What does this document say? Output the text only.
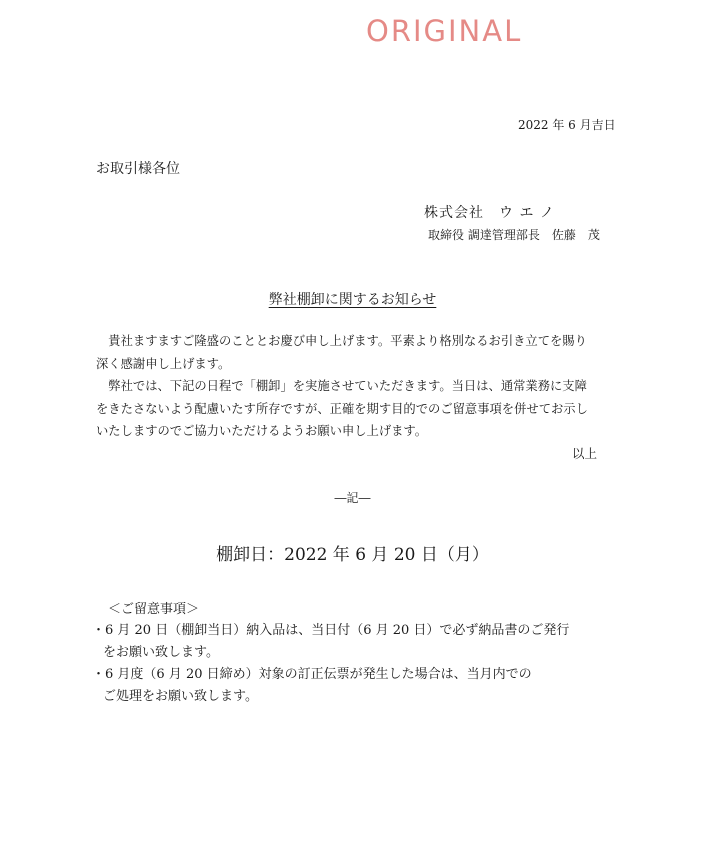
ORIGINAL
2022 年 6 月吉日
お取引様各位
株式会社　ウ エ ノ
取締役 調達管理部長　佐藤　茂
弊社棚卸に関するお知らせ

　貴社ますますご隆盛のこととお慶び申し上げます。平素より格別なるお引き立てを賜り

深く感謝申し上げます。

　弊社では、下記の日程で「棚卸」を実施させていただきます。当日は、通常業務に支障

をきたさないよう配慮いたす所存ですが、正確を期す目的でのご留意事項を併せてお示し

いたしますのでご協力いただけるようお願い申し上げます。

以上
―記―
棚卸日：2022 年 6 月 20 日（月）
＜ご留意事項＞

・6 月 20 日（棚卸当日）納入品は、当日付（6 月 20 日）で必ず納品書のご発行

をお願い致します。

・6 月度（6 月 20 日締め）対象の訂正伝票が発生した場合は、当月内での

ご処理をお願い致します。
